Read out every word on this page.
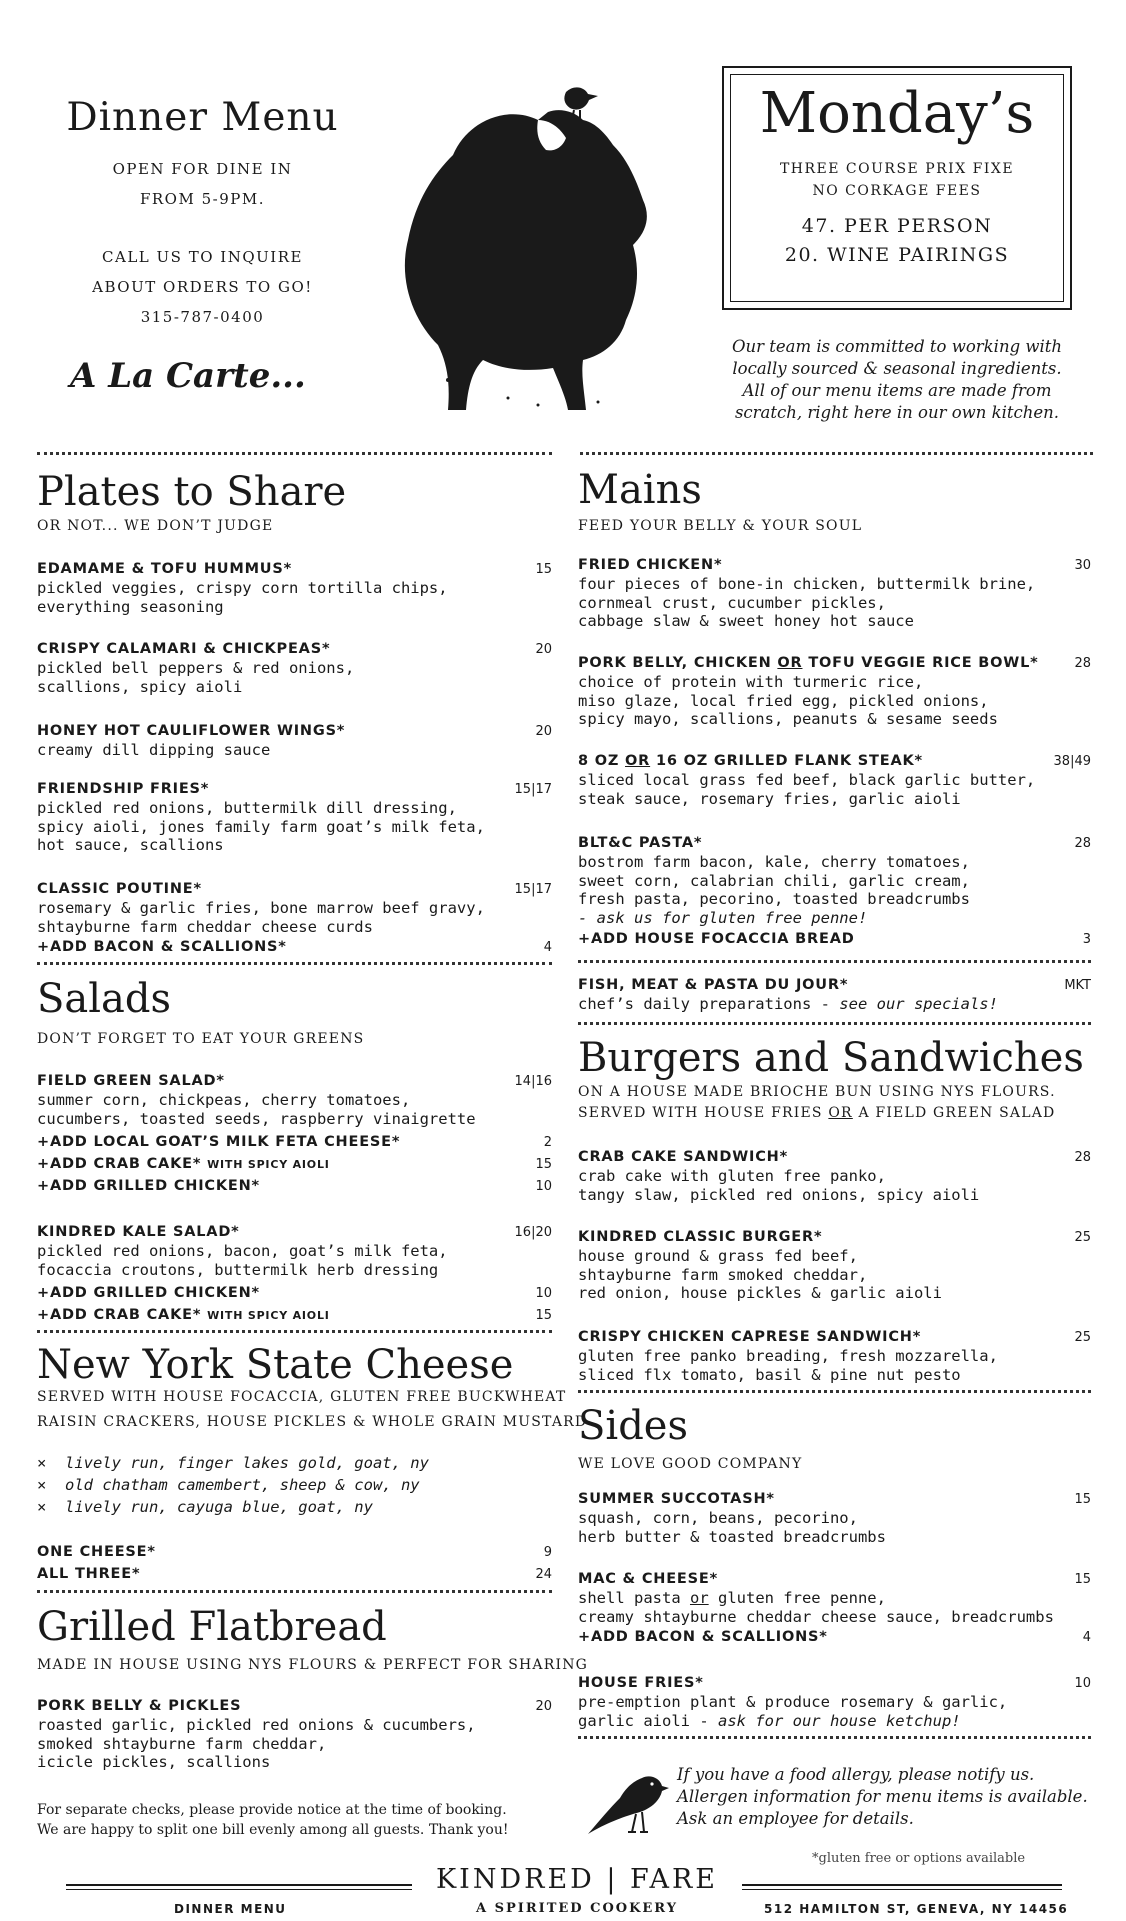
Dinner Menu
OPEN FOR DINE IN
FROM 5-9PM.
CALL US TO INQUIRE
ABOUT ORDERS TO GO!
315-787-0400
A La Carte...
Monday’s
THREE COURSE PRIX FIXE
NO CORKAGE FEES
47. PER PERSON
20. WINE PAIRINGS
Our team is committed to working with
locally sourced & seasonal ingredients.
All of our menu items are made from
scratch, right here in our own kitchen.
Plates to Share
OR NOT... WE DON’T JUDGE
EDAMAME & TOFU HUMMUS*	15
pickled veggies, crispy corn tortilla chips,
everything seasoning
CRISPY CALAMARI & CHICKPEAS*	20
pickled bell peppers & red onions,
scallions, spicy aioli
HONEY HOT CAULIFLOWER WINGS*	20
creamy dill dipping sauce
FRIENDSHIP FRIES*	15|17
pickled red onions, buttermilk dill dressing,
spicy aioli, jones family farm goat’s milk feta,
hot sauce, scallions
CLASSIC POUTINE*	15|17
rosemary & garlic fries, bone marrow beef gravy,
shtayburne farm cheddar cheese curds
+ADD BACON & SCALLIONS*	4
Salads
DON’T FORGET TO EAT YOUR GREENS
FIELD GREEN SALAD*	14|16
summer corn, chickpeas, cherry tomatoes,
cucumbers, toasted seeds, raspberry vinaigrette
+ADD LOCAL GOAT’S MILK FETA CHEESE*	2
+ADD CRAB CAKE* WITH SPICY AIOLI	15
+ADD GRILLED CHICKEN*	10
KINDRED KALE SALAD*	16|20
pickled red onions, bacon, goat’s milk feta,
focaccia croutons, buttermilk herb dressing
+ADD GRILLED CHICKEN*	10
+ADD CRAB CAKE* WITH SPICY AIOLI	15
New York State Cheese
SERVED WITH HOUSE FOCACCIA, GLUTEN FREE BUCKWHEAT
RAISIN CRACKERS, HOUSE PICKLES & WHOLE GRAIN MUSTARD
×  lively run, finger lakes gold, goat, ny
×  old chatham camembert, sheep & cow, ny
×  lively run, cayuga blue, goat, ny
ONE CHEESE*	9
ALL THREE*	24
Grilled Flatbread
MADE IN HOUSE USING NYS FLOURS & PERFECT FOR SHARING
PORK BELLY & PICKLES	20
roasted garlic, pickled red onions & cucumbers,
smoked shtayburne farm cheddar,
icicle pickles, scallions
For separate checks, please provide notice at the time of booking.
We are happy to split one bill evenly among all guests. Thank you!
Mains
FEED YOUR BELLY & YOUR SOUL
FRIED CHICKEN*	30
four pieces of bone-in chicken, buttermilk brine,
cornmeal crust, cucumber pickles,
cabbage slaw & sweet honey hot sauce
PORK BELLY, CHICKEN OR TOFU VEGGIE RICE BOWL*	28
choice of protein with turmeric rice,
miso glaze, local fried egg, pickled onions,
spicy mayo, scallions, peanuts & sesame seeds
8 OZ OR 16 OZ GRILLED FLANK STEAK*	38|49
sliced local grass fed beef, black garlic butter,
steak sauce, rosemary fries, garlic aioli
BLT&C PASTA*	28
bostrom farm bacon, kale, cherry tomatoes,
sweet corn, calabrian chili, garlic cream,
fresh pasta, pecorino, toasted breadcrumbs
- ask us for gluten free penne!
+ADD HOUSE FOCACCIA BREAD	3
FISH, MEAT & PASTA DU JOUR*	MKT
chef’s daily preparations - see our specials!
Burgers and Sandwiches
ON A HOUSE MADE BRIOCHE BUN USING NYS FLOURS.
SERVED WITH HOUSE FRIES OR A FIELD GREEN SALAD
CRAB CAKE SANDWICH*	28
crab cake with gluten free panko,
tangy slaw, pickled red onions, spicy aioli
KINDRED CLASSIC BURGER*	25
house ground & grass fed beef,
shtayburne farm smoked cheddar,
red onion, house pickles & garlic aioli
CRISPY CHICKEN CAPRESE SANDWICH*	25
gluten free panko breading, fresh mozzarella,
sliced flx tomato, basil & pine nut pesto
Sides
WE LOVE GOOD COMPANY
SUMMER SUCCOTASH*	15
squash, corn, beans, pecorino,
herb butter & toasted breadcrumbs
MAC & CHEESE*	15
shell pasta or gluten free penne,
creamy shtayburne cheddar cheese sauce, breadcrumbs
+ADD BACON & SCALLIONS*	4
HOUSE FRIES*	10
pre-emption plant & produce rosemary & garlic,
garlic aioli - ask for our house ketchup!
If you have a food allergy, please notify us.
Allergen information for menu items is available.
Ask an employee for details.
*gluten free or options available
KINDRED | FARE
A SPIRITED COOKERY
DINNER MENU	512 HAMILTON ST, GENEVA, NY 14456
